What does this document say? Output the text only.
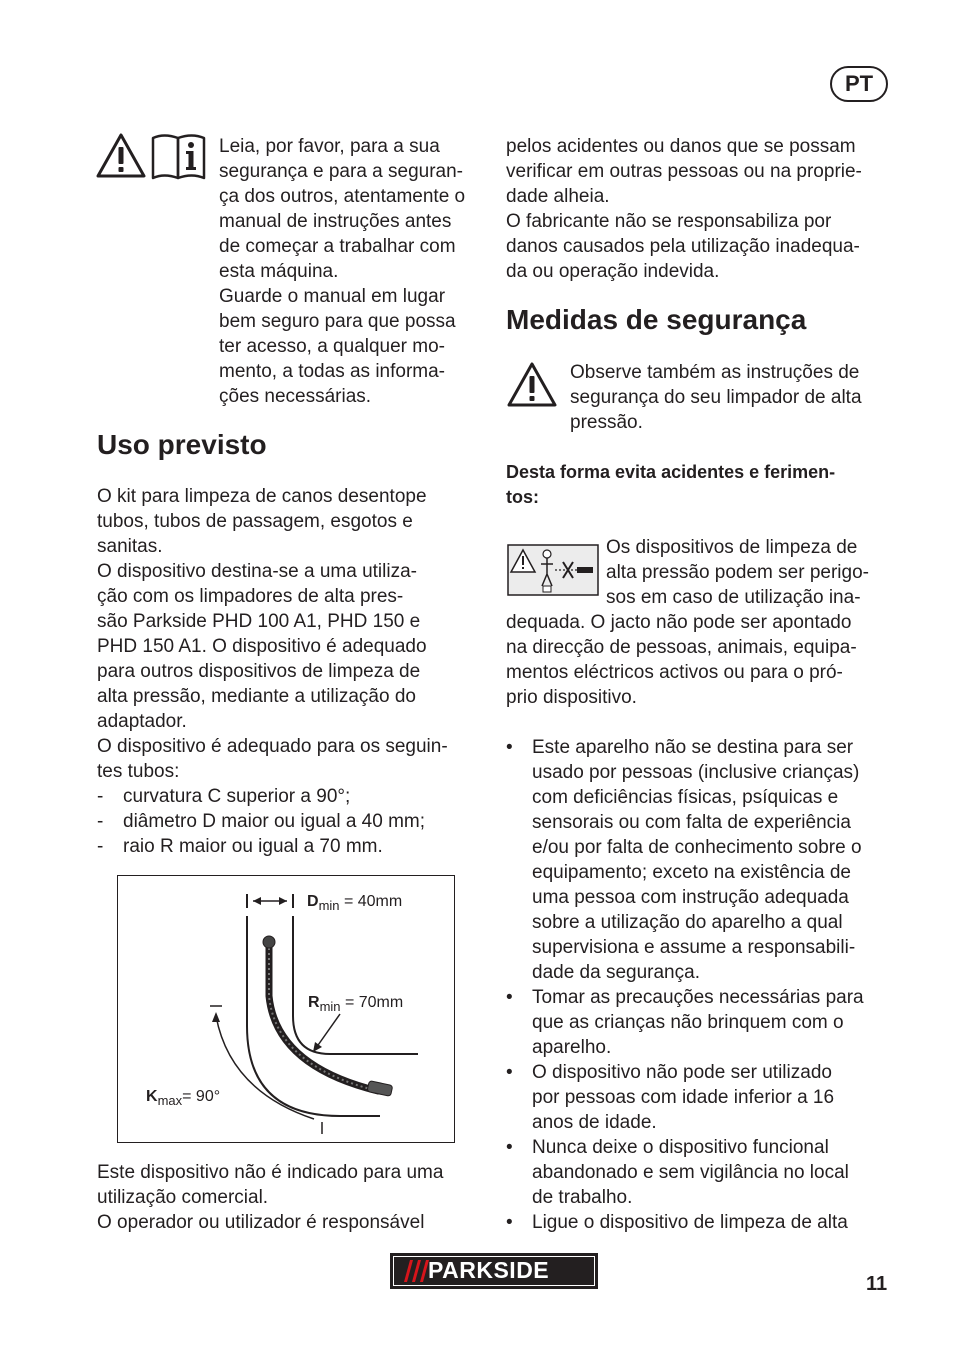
PT
Leia, por favor, para a sua
segurança e para a seguran-
ça dos outros, atentamente o
manual de instruções antes
de começar a trabalhar com
esta máquina.
Guarde o manual em lugar
bem seguro para que possa
ter acesso, a qualquer mo-
mento, a todas as informa-
ções necessárias.
Uso previsto
O kit para limpeza de canos desentope
tubos, tubos de passagem, esgotos e
sanitas.
O dispositivo destina-se a uma utiliza-
ção com os limpadores de alta pres-
são Parkside PHD 100 A1, PHD 150 e
PHD 150 A1. O dispositivo é adequado
para outros dispositivos de limpeza de
alta pressão, mediante a utilização do
adaptador.
O dispositivo é adequado para os seguin-
tes tubos:
- curvatura C superior a 90°;
- diâmetro D maior ou igual a 40 mm;
- raio R maior ou igual a 70 mm.
$D_{min} = 40mm$
$R_{min} = 70mm$
$K_{max}= 90^\circ$
Este dispositivo não é indicado para uma
utilização comercial.
O operador ou utilizador é responsável
pelos acidentes ou danos que se possam
verificar em outras pessoas ou na proprie-
dade alheia.
O fabricante não se responsabiliza por
danos causados pela utilização inadequa-
da ou operação indevida.
Medidas de segurança
Observe também as instruções de
segurança do seu limpador de alta
pressão.
Desta forma evita acidentes e ferimen-
tos:
Os dispositivos de limpeza de
alta pressão podem ser perigo-
sos em caso de utilização ina-
dequada. O jacto não pode ser apontado
na direcção de pessoas, animais, equipa-
mentos eléctricos activos ou para o pró-
prio dispositivo.
• Este aparelho não se destina para ser
usado por pessoas (inclusive crianças)
com deficiências físicas, psíquicas e
sensorais ou com falta de experiência
e/ou por falta de conhecimento sobre o
equipamento; exceto na existência de
uma pessoa com instrução adequada
sobre a utilização do aparelho a qual
supervisiona e assume a responsabili-
dade da segurança.
• Tomar as precauções necessárias para
que as crianças não brinquem com o
aparelho.
• O dispositivo não pode ser utilizado
por pessoas com idade inferior a 16
anos de idade.
• Nunca deixe o dispositivo funcional
abandonado e sem vigilância no local
de trabalho.
• Ligue o dispositivo de limpeza de alta
PARKSIDE
11
